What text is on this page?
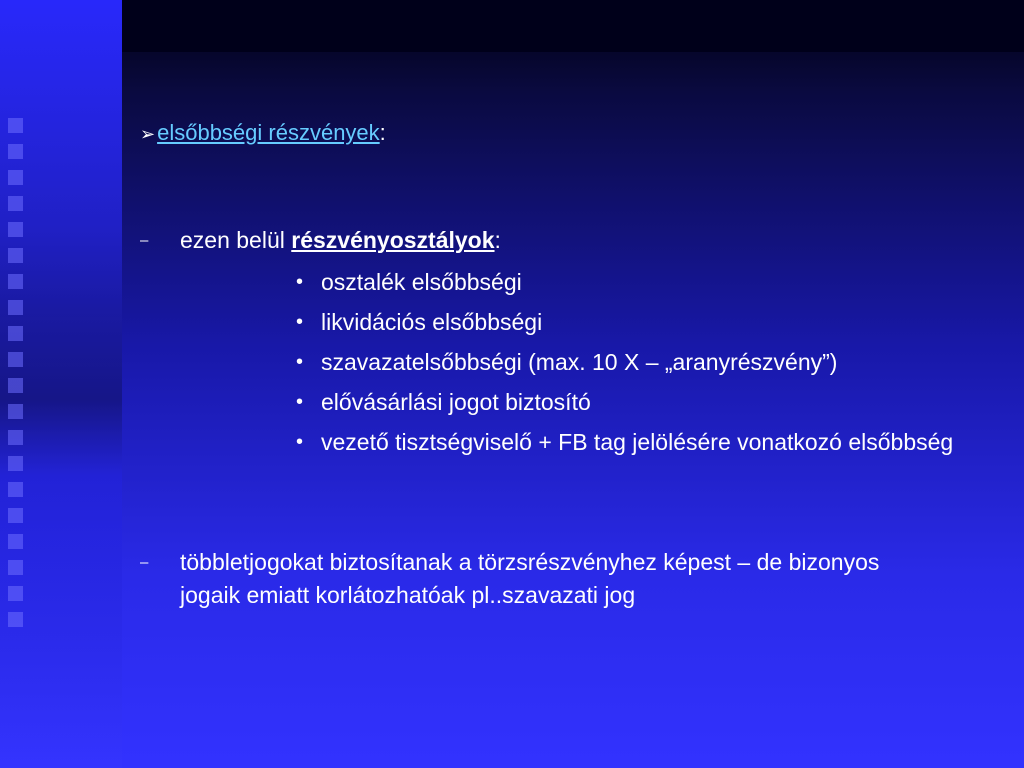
➢elsőbbségi részvények:
–	ezen belül részvényosztályok:
• osztalék elsőbbségi
• likvidációs elsőbbségi
• szavazatelsőbbségi (max. 10 X – „aranyrészvény”)
• elővásárlási jogot biztosító
• vezető tisztségviselő + FB tag jelölésére vonatkozó elsőbbség
–	többletjogokat biztosítanak a törzsrészvényhez képest – de bizonyos jogaik emiatt korlátozhatóak pl..szavazati jog
